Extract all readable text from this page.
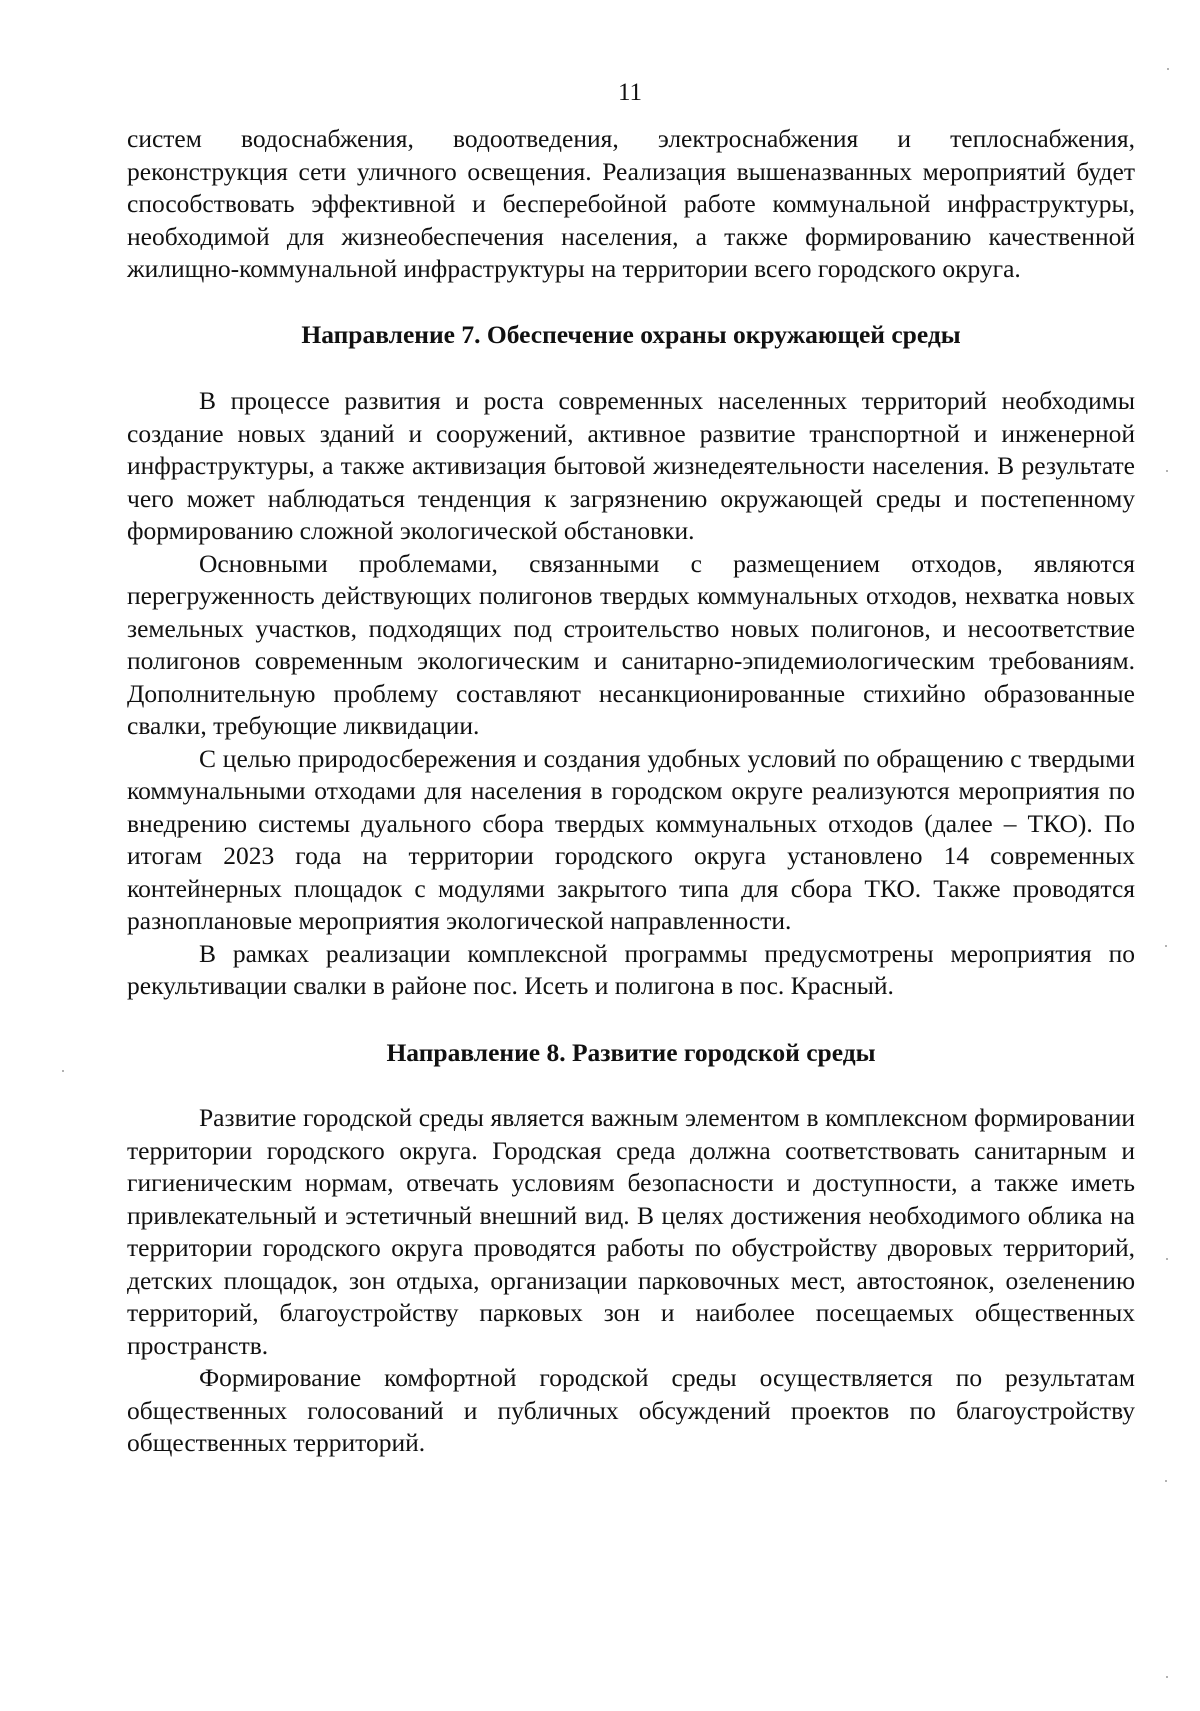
11

систем водоснабжения, водоотведения, электроснабжения и теплоснабжения, реконструкция сети уличного освещения. Реализация вышеназванных мероприятий будет способствовать эффективной и бесперебойной работе коммунальной инфраструктуры, необходимой для жизнеобеспечения населения, а также формированию качественной жилищно-коммунальной инфраструктуры на территории всего городского округа.

Направление 7. Обеспечение охраны окружающей среды

В процессе развития и роста современных населенных территорий необходимы создание новых зданий и сооружений, активное развитие транспортной и инженерной инфраструктуры, а также активизация бытовой жизнедеятельности населения. В результате чего может наблюдаться тенденция к загрязнению окружающей среды и постепенному формированию сложной экологической обстановки.

Основными проблемами, связанными с размещением отходов, являются перегруженность действующих полигонов твердых коммунальных отходов, нехватка новых земельных участков, подходящих под строительство новых полигонов, и несоответствие полигонов современным экологическим и санитарно-эпидемиологическим требованиям. Дополнительную проблему составляют несанкционированные стихийно образованные свалки, требующие ликвидации.

С целью природосбережения и создания удобных условий по обращению с твердыми коммунальными отходами для населения в городском округе реализуются мероприятия по внедрению системы дуального сбора твердых коммунальных отходов (далее – ТКО). По итогам 2023 года на территории городского округа установлено 14 современных контейнерных площадок с модулями закрытого типа для сбора ТКО. Также проводятся разноплановые мероприятия экологической направленности.

В рамках реализации комплексной программы предусмотрены мероприятия по рекультивации свалки в районе пос. Исеть и полигона в пос. Красный.

Направление 8. Развитие городской среды

Развитие городской среды является важным элементом в комплексном формировании территории городского округа. Городская среда должна соответствовать санитарным и гигиеническим нормам, отвечать условиям безопасности и доступности, а также иметь привлекательный и эстетичный внешний вид. В целях достижения необходимого облика на территории городского округа проводятся работы по обустройству дворовых территорий, детских площадок, зон отдыха, организации парковочных мест, автостоянок, озеленению территорий, благоустройству парковых зон и наиболее посещаемых общественных пространств.

Формирование комфортной городской среды осуществляется по результатам общественных голосований и публичных обсуждений проектов по благоустройству общественных территорий.
